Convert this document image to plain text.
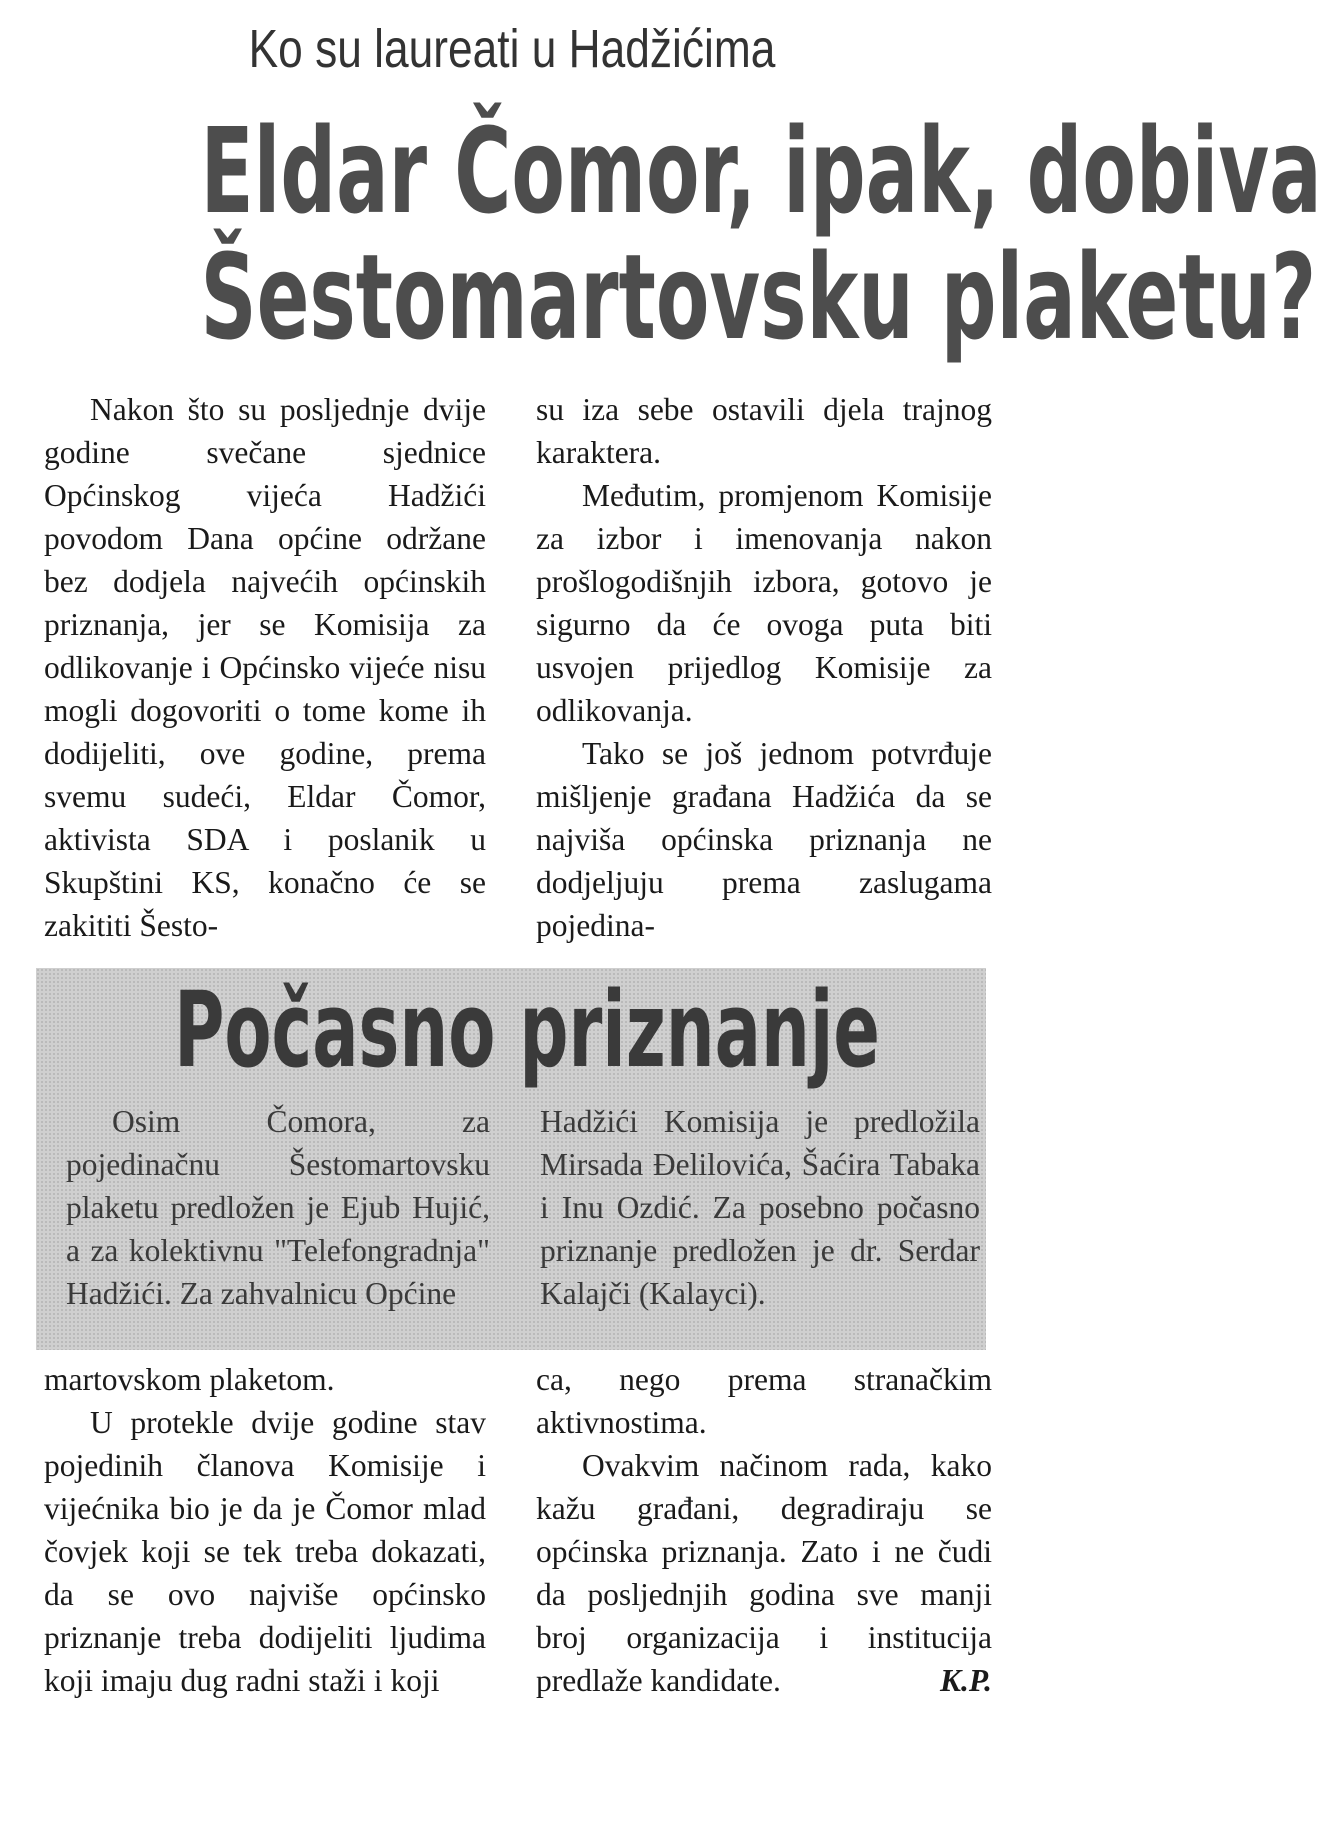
Ko su laureati u Hadžićima
Eldar Čomor, ipak, dobiva
Šestomartovsku plaketu?

Nakon što su posljednje dvije godine svečane sjednice Općinskog vijeća Hadžići povodom Dana općine održane bez dodjela najvećih općinskih priznanja, jer se Komisija za odlikovanje i Općinsko vijeće nisu mogli dogovoriti o tome kome ih dodijeliti, ove godine, prema svemu sudeći, Eldar Čomor, aktivista SDA i poslanik u Skupštini KS, konačno će se zakititi Šesto-

su iza sebe ostavili djela trajnog karaktera.

Međutim, promjenom Komisije za izbor i imenovanja nakon prošlogodišnjih izbora, gotovo je sigurno da će ovoga puta biti usvojen prijedlog Komisije za odlikovanja.

Tako se još jednom potvrđuje mišljenje građana Hadžića da se najviša općinska priznanja ne dodjeljuju prema zaslugama pojedina-

Počasno priznanje

Osim Čomora, za pojedinačnu Šestomartovsku plaketu predložen je Ejub Hujić, a za kolektivnu "Telefongradnja" Hadžići. Za zahvalnicu Općine

Hadžići Komisija je predložila Mirsada Đelilovića, Šaćira Tabaka i Inu Ozdić. Za posebno počasno priznanje predložen je dr. Serdar Kalajči (Kalayci).

martovskom plaketom.

U protekle dvije godine stav pojedinih članova Komisije i vijećnika bio je da je Čomor mlad čovjek koji se tek treba dokazati, da se ovo najviše općinsko priznanje treba dodijeliti ljudima koji imaju dug radni staži i koji

ca, nego prema stranačkim aktivnostima.

Ovakvim načinom rada, kako kažu građani, degradiraju se općinska priznanja. Zato i ne čudi da posljednjih godina sve manji broj organizacija i institucija predlaže kandidate.	K.P.
